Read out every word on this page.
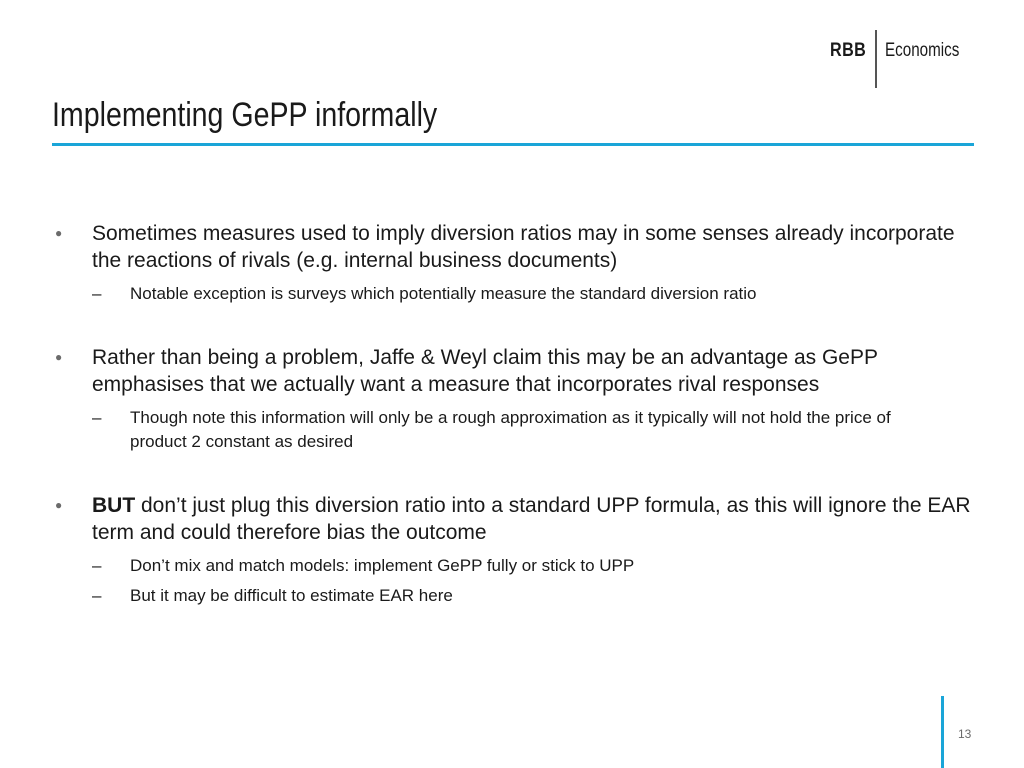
RBB Economics
Implementing GePP informally
●	Sometimes measures used to imply diversion ratios may in some senses already incorporate the reactions of rivals (e.g. internal business documents)
–	Notable exception is surveys which potentially measure the standard diversion ratio
●	Rather than being a problem, Jaffe & Weyl claim this may be an advantage as GePP emphasises that we actually want a measure that incorporates rival responses
–	Though note this information will only be a rough approximation as it typically will not hold the price of product 2 constant as desired
●	BUT don’t just plug this diversion ratio into a standard UPP formula, as this will ignore the EAR term and could therefore bias the outcome
–	Don’t mix and match models: implement GePP fully or stick to UPP
–	But it may be difficult to estimate EAR here
13
